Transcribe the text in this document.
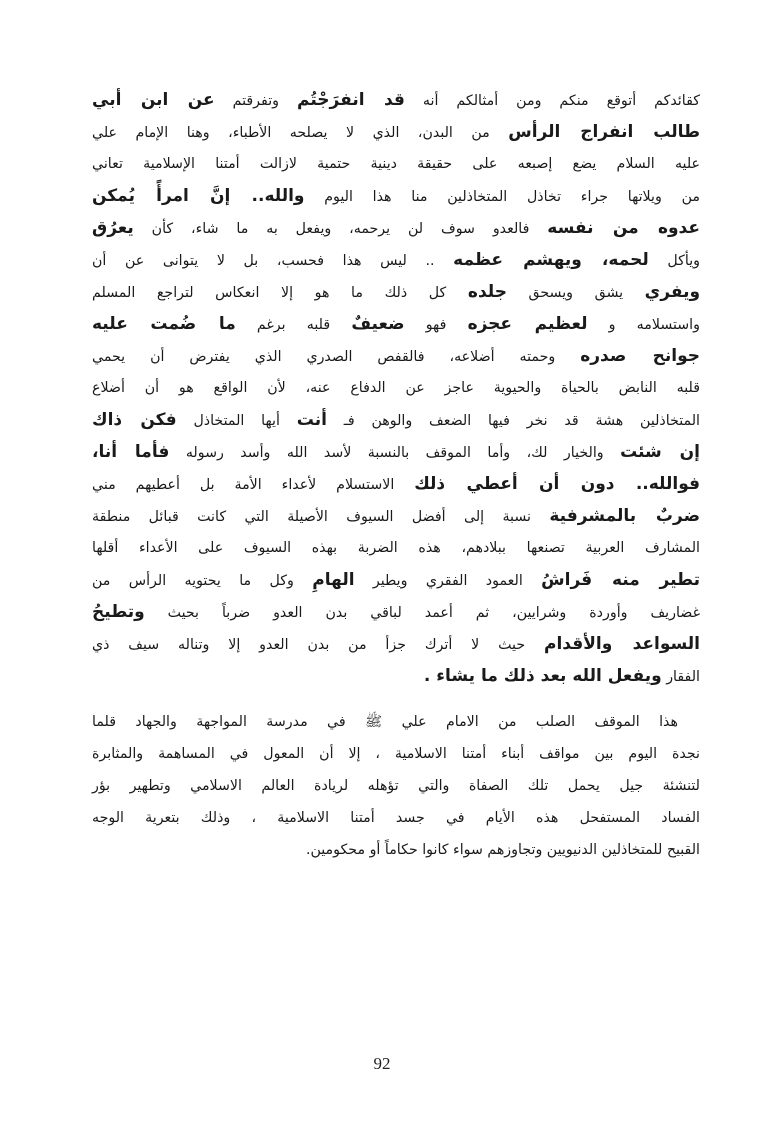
كقائدكم أتوقع منكم ومن أمثالكم أنه قد انفرَجْتُم وتفرقتم عن ابن أبي
طالب انفراج الرأس من البدن، الذي لا يصلحه الأطباء، وهنا الإمام علي
عليه السلام يضع إصبعه على حقيقة دينية حتمية لازالت أمتنا الإسلامية تعاني
من ويلاتها جراء تخاذل المتخاذلين منا هذا اليوم والله.. إنَّ امرأً يُمكن
عدوه من نفسه فالعدو سوف لن يرحمه، ويفعل به ما شاء، كأن يعرُق
ويأكل لحمه، ويهشم عظمه .. ليس هذا فحسب، بل لا يتوانى عن أن
ويفري يشق ويسحق جلده كل ذلك ما هو إلا انعكاس لتراجع المسلم
واستسلامه و لعظيم عجزه فهو ضعيفٌ قلبه برغم ما ضُمت عليه
جوانح صدره وحمته أضلاعه، فالقفص الصدري الذي يفترض أن يحمي
قلبه النابض بالحياة والحيوية عاجز عن الدفاع عنه، لأن الواقع هو أن أضلاع
المتخاذلين هشة قد نخر فيها الضعف والوهن فـ أنت أيها المتخاذل فكن ذاك
إن شئت والخيار لك، وأما الموقف بالنسبة لأسد الله وأسد رسوله فأما أنا،
فوالله.. دون أن أعطي ذلك الاستسلام لأعداء الأمة بل أعطيهم مني
ضربٌ بالمشرفية نسبة إلى أفضل السيوف الأصيلة التي كانت قبائل منطقة
المشارف العربية تصنعها ببلادهم، هذه الضربة بهذه السيوف على الأعداء أقلها
تطير منه فَراشُ العمود الفقري ويطير الهامِ وكل ما يحتويه الرأس من
غضاريف وأوردة وشرايين، ثم أعمد لباقي بدن العدو ضرباً بحيث وتطيحُ
السواعد والأقدام حيث لا أترك جزأ من بدن العدو إلا وتناله سيف ذي
الفقار ويفعل الله بعد ذلك ما يشاء .
هذا الموقف الصلب من الامام علي ﷺ في مدرسة المواجهة والجهاد قلما
نجدة اليوم بين مواقف أبناء أمتنا الاسلامية ، إلا أن المعول في المساهمة والمثابرة
لتنشئة جيل يحمل تلك الصفاة والتي تؤهله لريادة العالم الاسلامي وتطهير بؤر
الفساد المستفحل هذه الأيام في جسد أمتنا الاسلامية ، وذلك بتعرية الوجه
القبيح للمتخاذلين الدنيويين وتجاوزهم سواء كانوا حكاماً أو محكومين.
92
